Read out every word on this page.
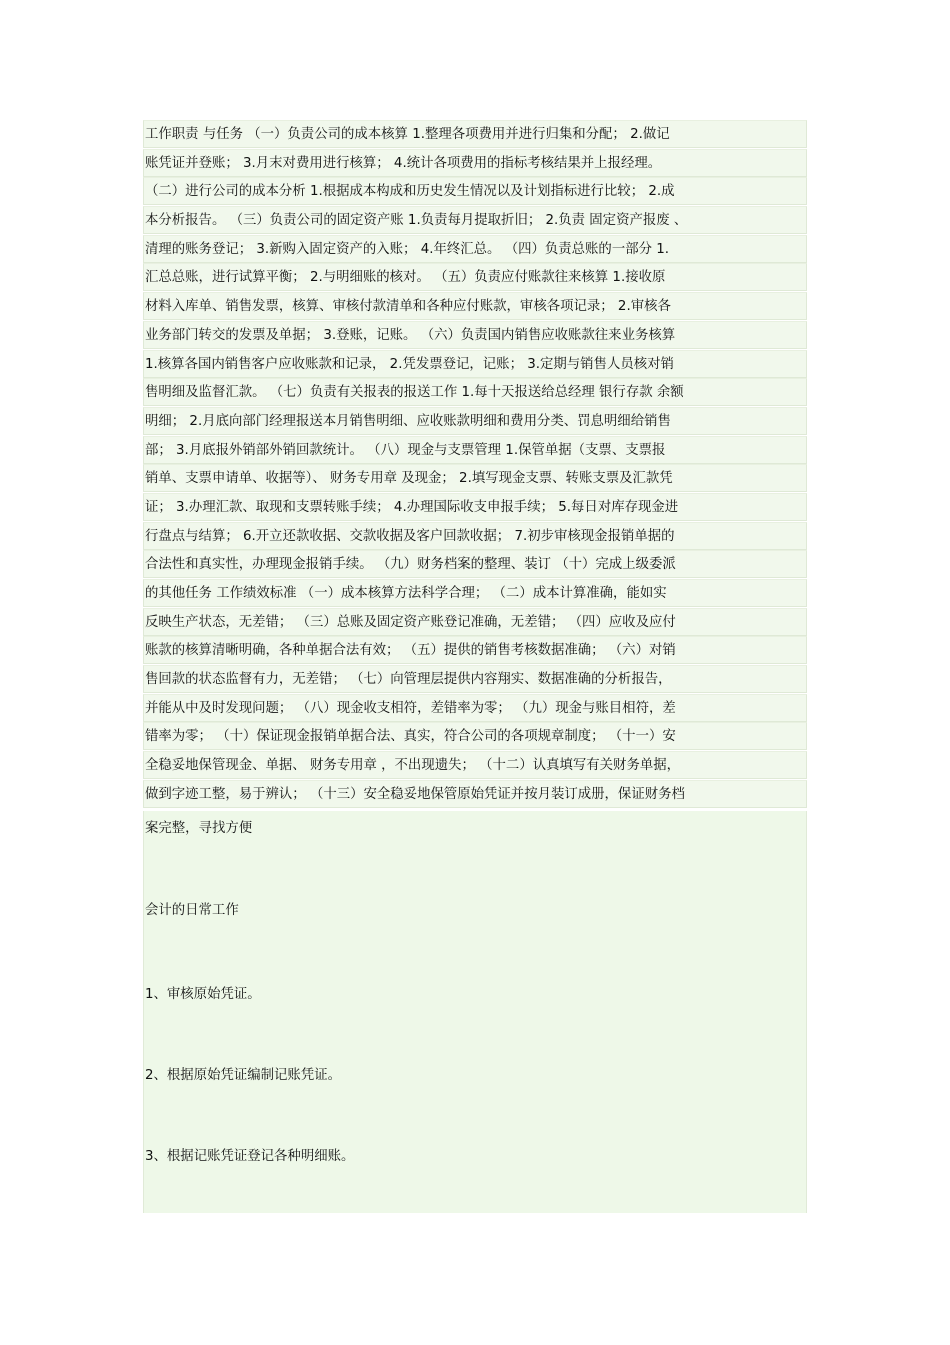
工作职责 与任务 （一）负责公司的成本核算 1.整理各项费用并进行归集和分配； 2.做记
账凭证并登账； 3.月末对费用进行核算； 4.统计各项费用的指标考核结果并上报经理。
（二）进行公司的成本分析 1.根据成本构成和历史发生情况以及计划指标进行比较； 2.成
本分析报告。 （三）负责公司的固定资产账 1.负责每月提取折旧； 2.负责 固定资产报废 、
清理的账务登记； 3.新购入固定资产的入账； 4.年终汇总。 （四）负责总账的一部分 1.
汇总总账，进行试算平衡； 2.与明细账的核对。 （五）负责应付账款往来核算 1.接收原
材料入库单、销售发票，核算、审核付款清单和各种应付账款，审核各项记录； 2.审核各
业务部门转交的发票及单据； 3.登账，记账。 （六）负责国内销售应收账款往来业务核算
1.核算各国内销售客户应收账款和记录， 2.凭发票登记，记账； 3.定期与销售人员核对销
售明细及监督汇款。 （七）负责有关报表的报送工作 1.每十天报送给总经理 银行存款 余额
明细； 2.月底向部门经理报送本月销售明细、应收账款明细和费用分类、罚息明细给销售
部； 3.月底报外销部外销回款统计。 （八）现金与支票管理 1.保管单据（支票、支票报
销单、支票申请单、收据等）、 财务专用章 及现金； 2.填写现金支票、转账支票及汇款凭
证； 3.办理汇款、取现和支票转账手续； 4.办理国际收支申报手续； 5.每日对库存现金进
行盘点与结算； 6.开立还款收据、交款收据及客户回款收据； 7.初步审核现金报销单据的
合法性和真实性，办理现金报销手续。 （九）财务档案的整理、装订 （十）完成上级委派
的其他任务 工作绩效标准 （一）成本核算方法科学合理； （二）成本计算准确，能如实
反映生产状态，无差错； （三）总账及固定资产账登记准确，无差错； （四）应收及应付
账款的核算清晰明确，各种单据合法有效； （五）提供的销售考核数据准确； （六）对销
售回款的状态监督有力，无差错； （七）向管理层提供内容翔实、数据准确的分析报告，
并能从中及时发现问题； （八）现金收支相符，差错率为零； （九）现金与账目相符，差
错率为零； （十）保证现金报销单据合法、真实，符合公司的各项规章制度； （十一）安
全稳妥地保管现金、单据、 财务专用章 ，不出现遗失； （十二）认真填写有关财务单据，
做到字迹工整，易于辨认； （十三）安全稳妥地保管原始凭证并按月装订成册，保证财务档

案完整，寻找方便

会计的日常工作

1、审核原始凭证。

2、根据原始凭证编制记账凭证。

3、根据记账凭证登记各种明细账。
